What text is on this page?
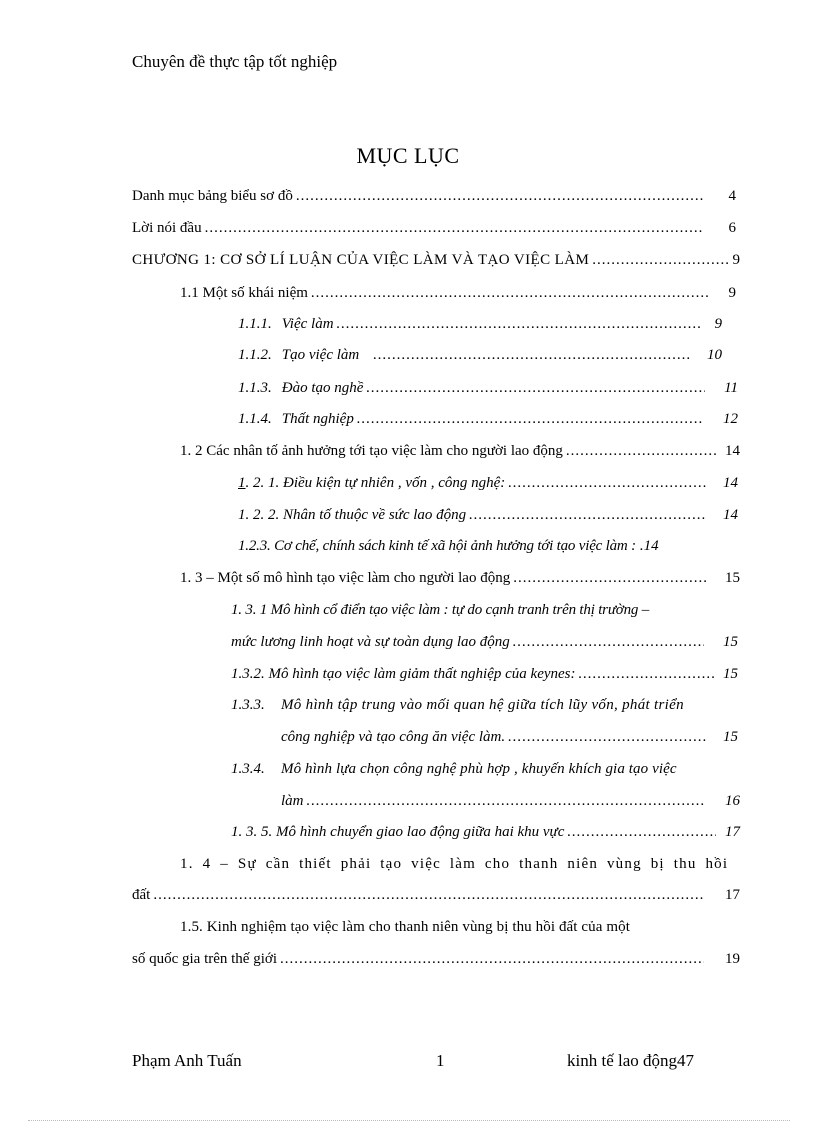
Chuyên đề thực tập tốt nghiệp
MỤC LỤC
Danh mục bảng biểu sơ đồ .....	4
Lời nói đầu .....	6
CHƯƠNG 1: CƠ SỞ LÍ LUẬN CỦA VIỆC LÀM VÀ TẠO VIỆC LÀM .....	9
1.1 Một số khái niệm .....	9
1.1.1. Việc làm .....	9
1.1.2. Tạo việc làm .....	10
1.1.3. Đào tạo nghề .....	11
1.1.4. Thất nghiệp .....	12
1. 2 Các nhân tố ảnh hưởng tới tạo việc làm cho người lao động .....	14
1 . 2. 1. Điều kiện tự nhiên , vốn , công nghệ: .....	14
1. 2. 2. Nhân tố thuộc về sức lao động .....	14
1.2.3. Cơ chế, chính sách kinh tế xã hội ảnh hưởng tới tạo việc làm : .14
1. 3 – Một số mô hình tạo việc làm cho người lao động .....	15
1. 3. 1 Mô hình cổ điển tạo việc làm : tự do cạnh tranh trên thị trường –
mức lương linh hoạt và sự toàn dụng lao động .....	15
1.3.2. Mô hình tạo việc làm giảm thất nghiệp của keynes: .....	15
1.3.3. Mô hình tập trung vào mối quan hệ giữa tích lũy vốn, phát triển
công nghiệp và tạo công ăn việc làm. .....	15
1.3.4. Mô hình lựa chọn công nghệ phù hợp , khuyến khích gia tạo việc
làm .....	16
1. 3. 5. Mô hình chuyển giao lao động giữa hai khu vực .....	17
1. 4 – Sự cần thiết phải tạo việc làm cho thanh niên vùng bị thu hồi
đất .....	17
1.5. Kinh nghiệm tạo việc làm cho thanh niên vùng bị thu hồi đất của một
số quốc gia trên thế giới .....	19
Phạm Anh Tuấn	1	kinh tế lao động47
